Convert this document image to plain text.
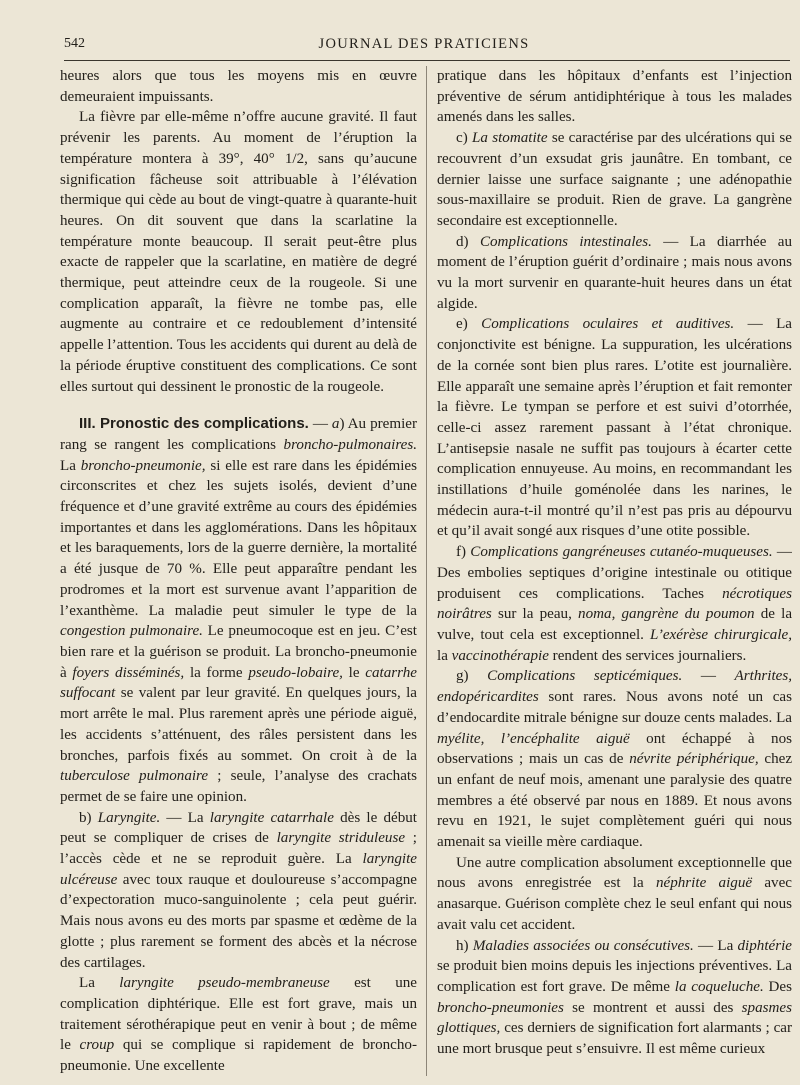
542	JOURNAL DES PRATICIENS

heures alors que tous les moyens mis en œuvre demeuraient impuissants.

La fièvre par elle-même n’offre aucune gravité. Il faut prévenir les parents. Au moment de l’éruption la température montera à 39°, 40° 1/2, sans qu’aucune signification fâcheuse soit attribuable à l’élévation thermique qui cède au bout de vingt-quatre à quarante-huit heures. On dit souvent que dans la scarlatine la température monte beaucoup. Il serait peut-être plus exacte de rappeler que la scarlatine, en matière de degré thermique, peut atteindre ceux de la rougeole. Si une complication apparaît, la fièvre ne tombe pas, elle augmente au contraire et ce redoublement d’intensité appelle l’attention. Tous les accidents qui durent au delà de la période éruptive constituent des complications. Ce sont elles surtout qui dessinent le pronostic de la rougeole.

III. Pronostic des complications. — a) Au premier rang se rangent les complications broncho-pulmonaires. La broncho-pneumonie, si elle est rare dans les épidémies circonscrites et chez les sujets isolés, devient d’une fréquence et d’une gravité extrême au cours des épidémies importantes et dans les agglomérations. Dans les hôpitaux et les baraquements, lors de la guerre dernière, la mortalité a été jusque de 70 %. Elle peut apparaître pendant les prodromes et la mort est survenue avant l’apparition de l’exanthème. La maladie peut simuler le type de la congestion pulmonaire. Le pneumocoque est en jeu. C’est bien rare et la guérison se produit. La broncho-pneumonie à foyers disséminés, la forme pseudo-lobaire, le catarrhe suffocant se valent par leur gravité. En quelques jours, la mort arrête le mal. Plus rarement après une période aiguë, les accidents s’atténuent, des râles persistent dans les bronches, parfois fixés au sommet. On croit à de la tuberculose pulmonaire ; seule, l’analyse des crachats permet de se faire une opinion.

b) Laryngite. — La laryngite catarrhale dès le début peut se compliquer de crises de laryngite striduleuse ; l’accès cède et ne se reproduit guère. La laryngite ulcéreuse avec toux rauque et douloureuse s’accompagne d’expectoration muco-sanguinolente ; cela peut guérir. Mais nous avons eu des morts par spasme et œdème de la glotte ; plus rarement se forment des abcès et la nécrose des cartilages.

La laryngite pseudo-membraneuse est une complication diphtérique. Elle est fort grave, mais un traitement sérothérapique peut en venir à bout ; de même le croup qui se complique si rapidement de broncho-pneumonie. Une excellente

pratique dans les hôpitaux d’enfants est l’injection préventive de sérum antidiphtérique à tous les malades amenés dans les salles.

c) La stomatite se caractérise par des ulcérations qui se recouvrent d’un exsudat gris jaunâtre. En tombant, ce dernier laisse une surface saignante ; une adénopathie sous-maxillaire se produit. Rien de grave. La gangrène secondaire est exceptionnelle.

d) Complications intestinales. — La diarrhée au moment de l’éruption guérit d’ordinaire ; mais nous avons vu la mort survenir en quarante-huit heures dans un état algide.

e) Complications oculaires et auditives. — La conjonctivite est bénigne. La suppuration, les ulcérations de la cornée sont bien plus rares. L’otite est journalière. Elle apparaît une semaine après l’éruption et fait remonter la fièvre. Le tympan se perfore et est suivi d’otorrhée, celle-ci assez rarement passant à l’état chronique. L’antisepsie nasale ne suffit pas toujours à écarter cette complication ennuyeuse. Au moins, en recommandant les instillations d’huile goménolée dans les narines, le médecin aura-t-il montré qu’il n’est pas pris au dépourvu et qu’il avait songé aux risques d’une otite possible.

f) Complications gangréneuses cutanéo-muqueuses. — Des embolies septiques d’origine intestinale ou otitique produisent ces complications. Taches nécrotiques noirâtres sur la peau, noma, gangrène du poumon de la vulve, tout cela est exceptionnel. L’exérèse chirurgicale, la vaccinothérapie rendent des services journaliers.

g) Complications septicémiques. — Arthrites, endopéricardites sont rares. Nous avons noté un cas d’endocardite mitrale bénigne sur douze cents malades. La myélite, l’encéphalite aiguë ont échappé à nos observations ; mais un cas de névrite périphérique, chez un enfant de neuf mois, amenant une paralysie des quatre membres a été observé par nous en 1889. Et nous avons revu en 1921, le sujet complètement guéri qui nous amenait sa vieille mère cardiaque.

Une autre complication absolument exceptionnelle que nous avons enregistrée est la néphrite aiguë avec anasarque. Guérison complète chez le seul enfant qui nous avait valu cet accident.

h) Maladies associées ou consécutives. — La diphtérie se produit bien moins depuis les injections préventives. La complication est fort grave. De même la coqueluche. Des broncho-pneumonies se montrent et aussi des spasmes glottiques, ces derniers de signification fort alarmants ; car une mort brusque peut s’ensuivre. Il est même curieux
